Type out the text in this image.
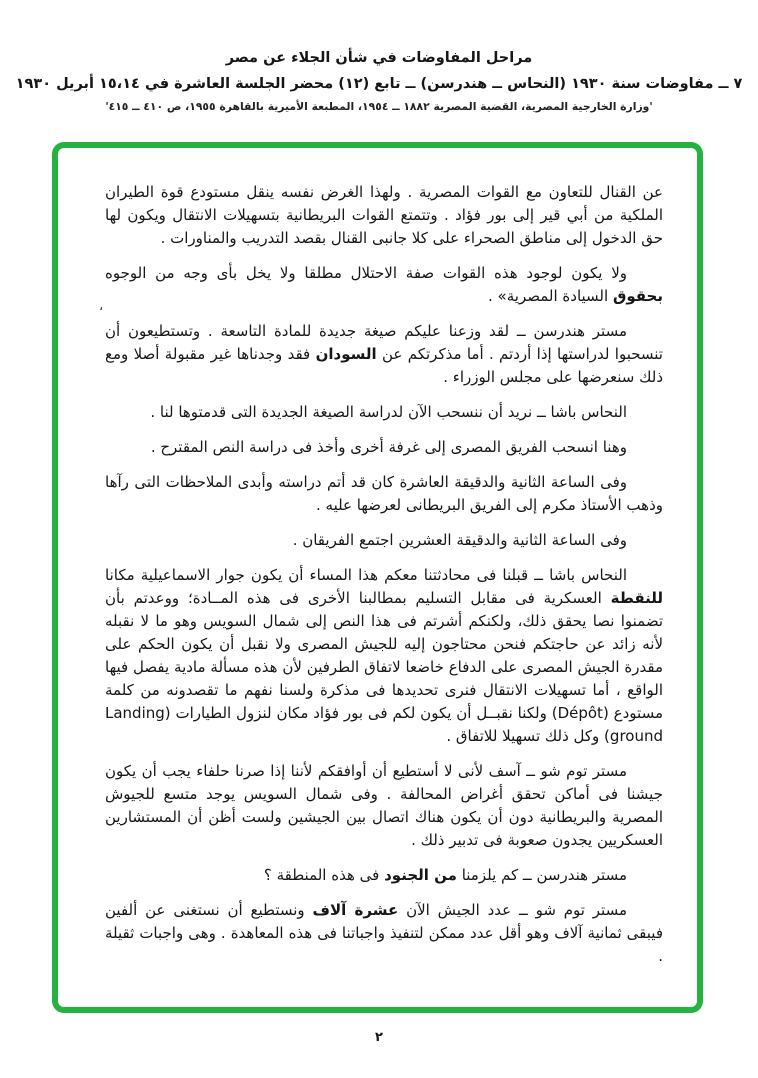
مراحل المفاوضات في شأن الجلاء عن مصر
٧ ــ مفاوضات سنة ١٩٣٠ (النحاس ــ هندرسن) ــ تابع (١٢) محضر الجلسة العاشرة في ١٥،١٤ أبريل ١٩٣٠
'وزارة الخارجية المصرية، القضية المصرية ١٨٨٢ ــ ١٩٥٤، المطبعة الأميرية بالقاهرة ١٩٥٥، ص ٤١٠ ــ ٤١٥'

عن القنال للتعاون مع القوات المصرية . ولهذا الغرض نفسه ينقل مستودع قوة الطيران الملكية من أبي قير إلى بور فؤاد . وتتمتع القوات البريطانية بتسهيلات الانتقال ويكون لها حق الدخول إلى مناطق الصحراء على كلا جانبى القنال بقصد التدريب والمناورات .

ولا يكون لوجود هذه القوات صفة الاحتلال مطلقا ولا يخل بأى وجه من الوجوه بحقوق السيادة المصرية» .

مستر هندرسن ــ لقد وزعنا عليكم صيغة جديدة للمادة التاسعة . وتستطيعون أن تنسحبوا لدراستها إذا أردتم . أما مذكرتكم عن السودان فقد وجدناها غير مقبولة أصلا ومع ذلك سنعرضها على مجلس الوزراء .

النحاس باشا ــ نريد أن ننسحب الآن لدراسة الصيغة الجديدة التى قدمتوها لنا .

وهنا انسحب الفريق المصرى إلى غرفة أخرى وأخذ فى دراسة النص المقترح .

وفى الساعة الثانية والدقيقة العاشرة كان قد أتم دراسته وأبدى الملاحظات التى رآها وذهب الأستاذ مكرم إلى الفريق البريطانى لعرضها عليه .

وفى الساعة الثانية والدقيقة العشرين اجتمع الفريقان .

النحاس باشا ــ قبلنا فى محادثتنا معكم هذا المساء أن يكون جوار الاسماعيلية مكانا للنقطة العسكرية فى مقابل التسليم بمطالبنا الأخرى فى هذه المــادة؛ ووعدتم بأن تضمنوا نصا يحقق ذلك، ولكنكم أشرتم فى هذا النص إلى شمال السويس وهو ما لا نقبله لأنه زائد عن حاجتكم فنحن محتاجون إليه للجيش المصرى ولا نقبل أن يكون الحكم على مقدرة الجيش المصرى على الدفاع خاضعا لاتفاق الطرفين لأن هذه مسألة مادية يفصل فيها الواقع ، أما تسهيلات الانتقال فنرى تحديدها فى مذكرة ولسنا نفهم ما تقصدونه من كلمة مستودع (Dépôt) ولكنا نقبــل أن يكون لكم فى بور فؤاد مكان لنزول الطيارات (Landing ground) وكل ذلك تسهيلا للاتفاق .

مستر توم شو ــ آسف لأنى لا أستطيع أن أوافقكم لأننا إذا صرنا حلفاء يجب أن يكون جيشنا فى أماكن تحقق أغراض المحالفة . وفى شمال السويس يوجد متسع للجيوش المصرية والبريطانية دون أن يكون هناك اتصال بين الجيشين ولست أظن أن المستشارين العسكريين يجدون صعوبة فى تدبير ذلك .

مستر هندرسن ــ كم يلزمنا من الجنود فى هذه المنطقة ؟

مستر توم شو ــ عدد الجيش الآن عشرة آلاف ونستطيع أن نستغنى عن ألفين فيبقى ثمانية آلاف وهو أقل عدد ممكن لتنفيذ واجباتنا فى هذه المعاهدة . وهى واجبات ثقيلة .

،
٢
